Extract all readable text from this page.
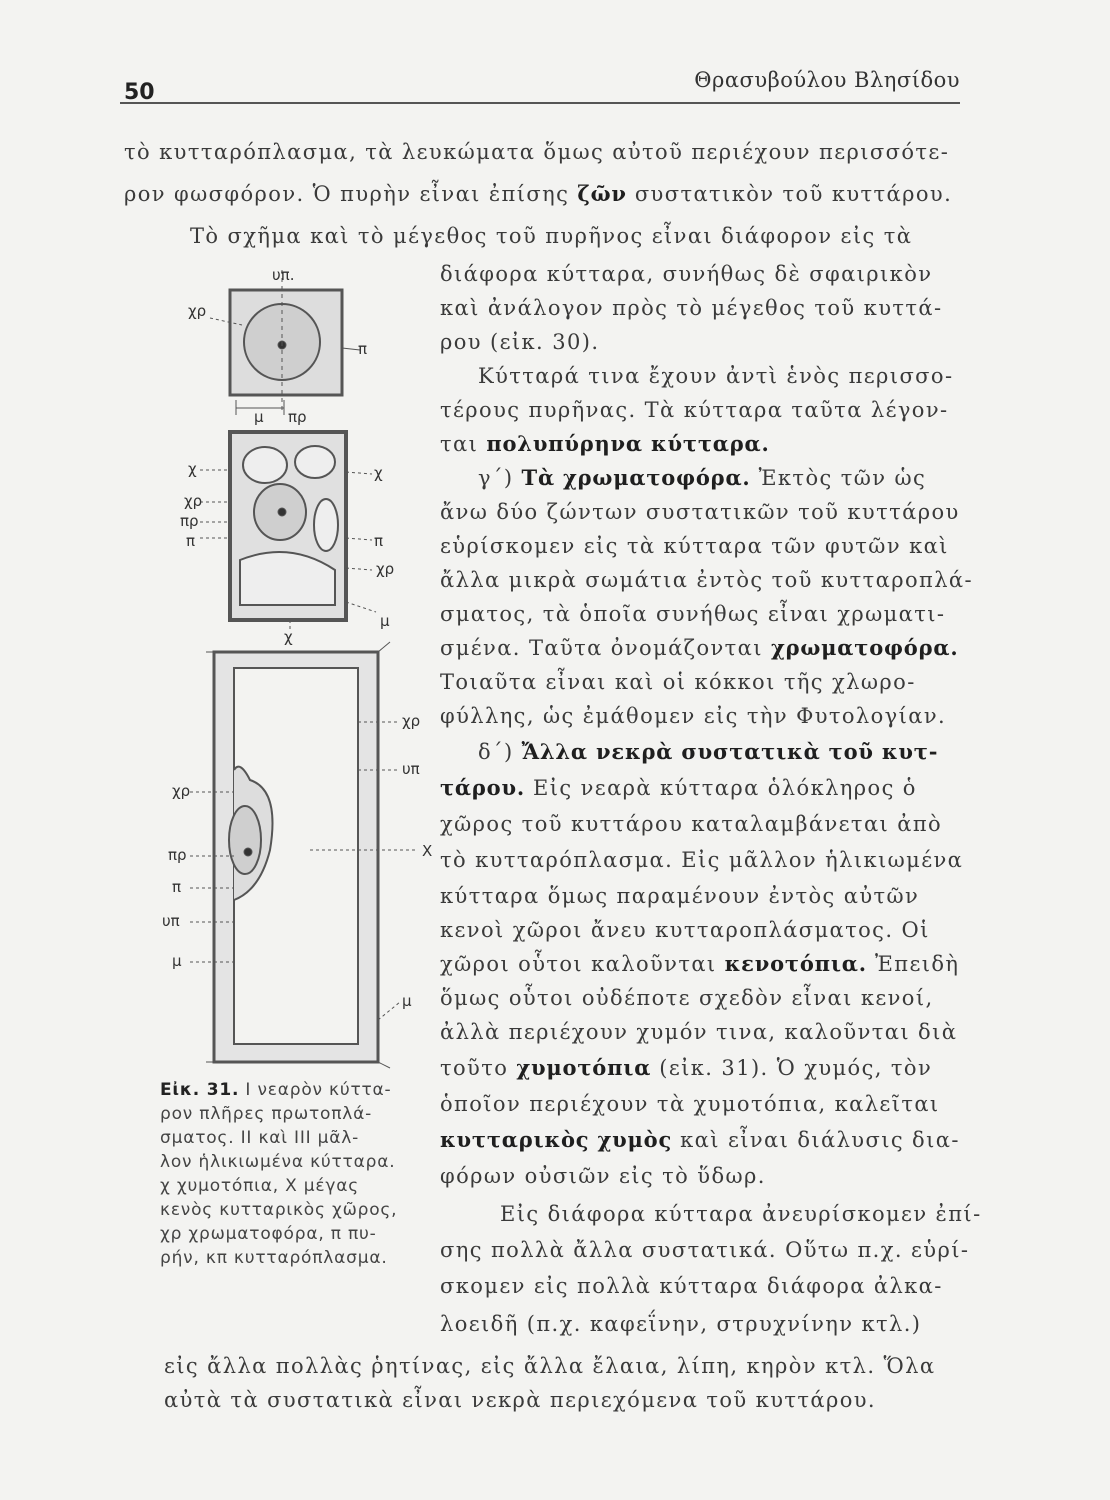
50	Θρασυβούλου Βλησίδου
τὸ κυτταρόπλασμα, τὰ λευκώματα ὅμως αὐτοῦ περιέχουν περισσότε-
ρον φωσφόρον. Ὁ πυρὴν εἶναι ἐπίσης ζῶν συστατικὸν τοῦ κυττάρου.
Τὸ σχῆμα καὶ τὸ μέγεθος τοῦ πυρῆνος εἶναι διάφορον εἰς τὰ
διάφορα κύτταρα, συνήθως δὲ σφαιρικὸν
καὶ ἀνάλογον πρὸς τὸ μέγεθος τοῦ κυττά-
ρου (εἰκ. 30).
Κύτταρά τινα ἔχουν ἀντὶ ἑνὸς περισσο-
τέρους πυρῆνας. Τὰ κύτταρα ταῦτα λέγον-
ται πολυπύρηνα κύτταρα.
γ΄) Τὰ χρωματοφόρα. Ἐκτὸς τῶν ὡς
ἄνω δύο ζώντων συστατικῶν τοῦ κυττάρου
εὑρίσκομεν εἰς τὰ κύτταρα τῶν φυτῶν καὶ
ἄλλα μικρὰ σωμάτια ἐντὸς τοῦ κυτταροπλά-
σματος, τὰ ὁποῖα συνήθως εἶναι χρωματι-
σμένα. Ταῦτα ὀνομάζονται χρωματοφόρα.
Τοιαῦτα εἶναι καὶ οἱ κόκκοι τῆς χλωρο-
φύλλης, ὡς ἐμάθομεν εἰς τὴν Φυτολογίαν.
δ΄) Ἄλλα νεκρὰ συστατικὰ τοῦ κυτ-
τάρου. Εἰς νεαρὰ κύτταρα ὁλόκληρος ὁ
χῶρος τοῦ κυττάρου καταλαμβάνεται ἀπὸ
τὸ κυτταρόπλασμα. Εἰς μᾶλλον ἡλικιωμένα
κύτταρα ὅμως παραμένουν ἐντὸς αὐτῶν
κενοὶ χῶροι ἄνευ κυτταροπλάσματος. Οἱ
χῶροι οὗτοι καλοῦνται κενοτόπια. Ἐπειδὴ
ὅμως οὗτοι οὐδέποτε σχεδὸν εἶναι κενοί,
ἀλλὰ περιέχουν χυμόν τινα, καλοῦνται διὰ
τοῦτο χυμοτόπια (εἰκ. 31). Ὁ χυμός, τὸν
ὁποῖον περιέχουν τὰ χυμοτόπια, καλεῖται
κυτταρικὸς χυμὸς καὶ εἶναι διάλυσις δια-
φόρων οὐσιῶν εἰς τὸ ὕδωρ.
Εἰς διάφορα κύτταρα ἀνευρίσκομεν ἐπί-
σης πολλὰ ἄλλα συστατικά. Οὕτω π.χ. εὑρί-
σκομεν εἰς πολλὰ κύτταρα διάφορα ἀλκα-
λοειδῆ (π.χ. καφεΐνην, στρυχνίνην κτλ.)
εἰς ἄλλα πολλὰς ῥητίνας, εἰς ἄλλα ἔλαια, λίπη, κηρὸν κτλ. Ὅλα
αὐτὰ τὰ συστατικὰ εἶναι νεκρὰ περιεχόμενα τοῦ κυττάρου.
υπ.
χρ
π
μ πρ
χ
χρ
πρ
π
χ
π
χρ
μ
χ
χρ
υπ
Χ
μ
χρ
πρ
π
υπ
μ
Εἰκ. 31. Ι νεαρὸν κύττα-
ρον πλῆρες πρωτοπλά-
σματος. ΙΙ καὶ ΙΙΙ μᾶλ-
λον ἡλικιωμένα κύτταρα.
χ χυμοτόπια, Χ μέγας
κενὸς κυτταρικὸς χῶρος,
χρ χρωματοφόρα, π πυ-
ρήν, κπ κυτταρόπλασμα.
